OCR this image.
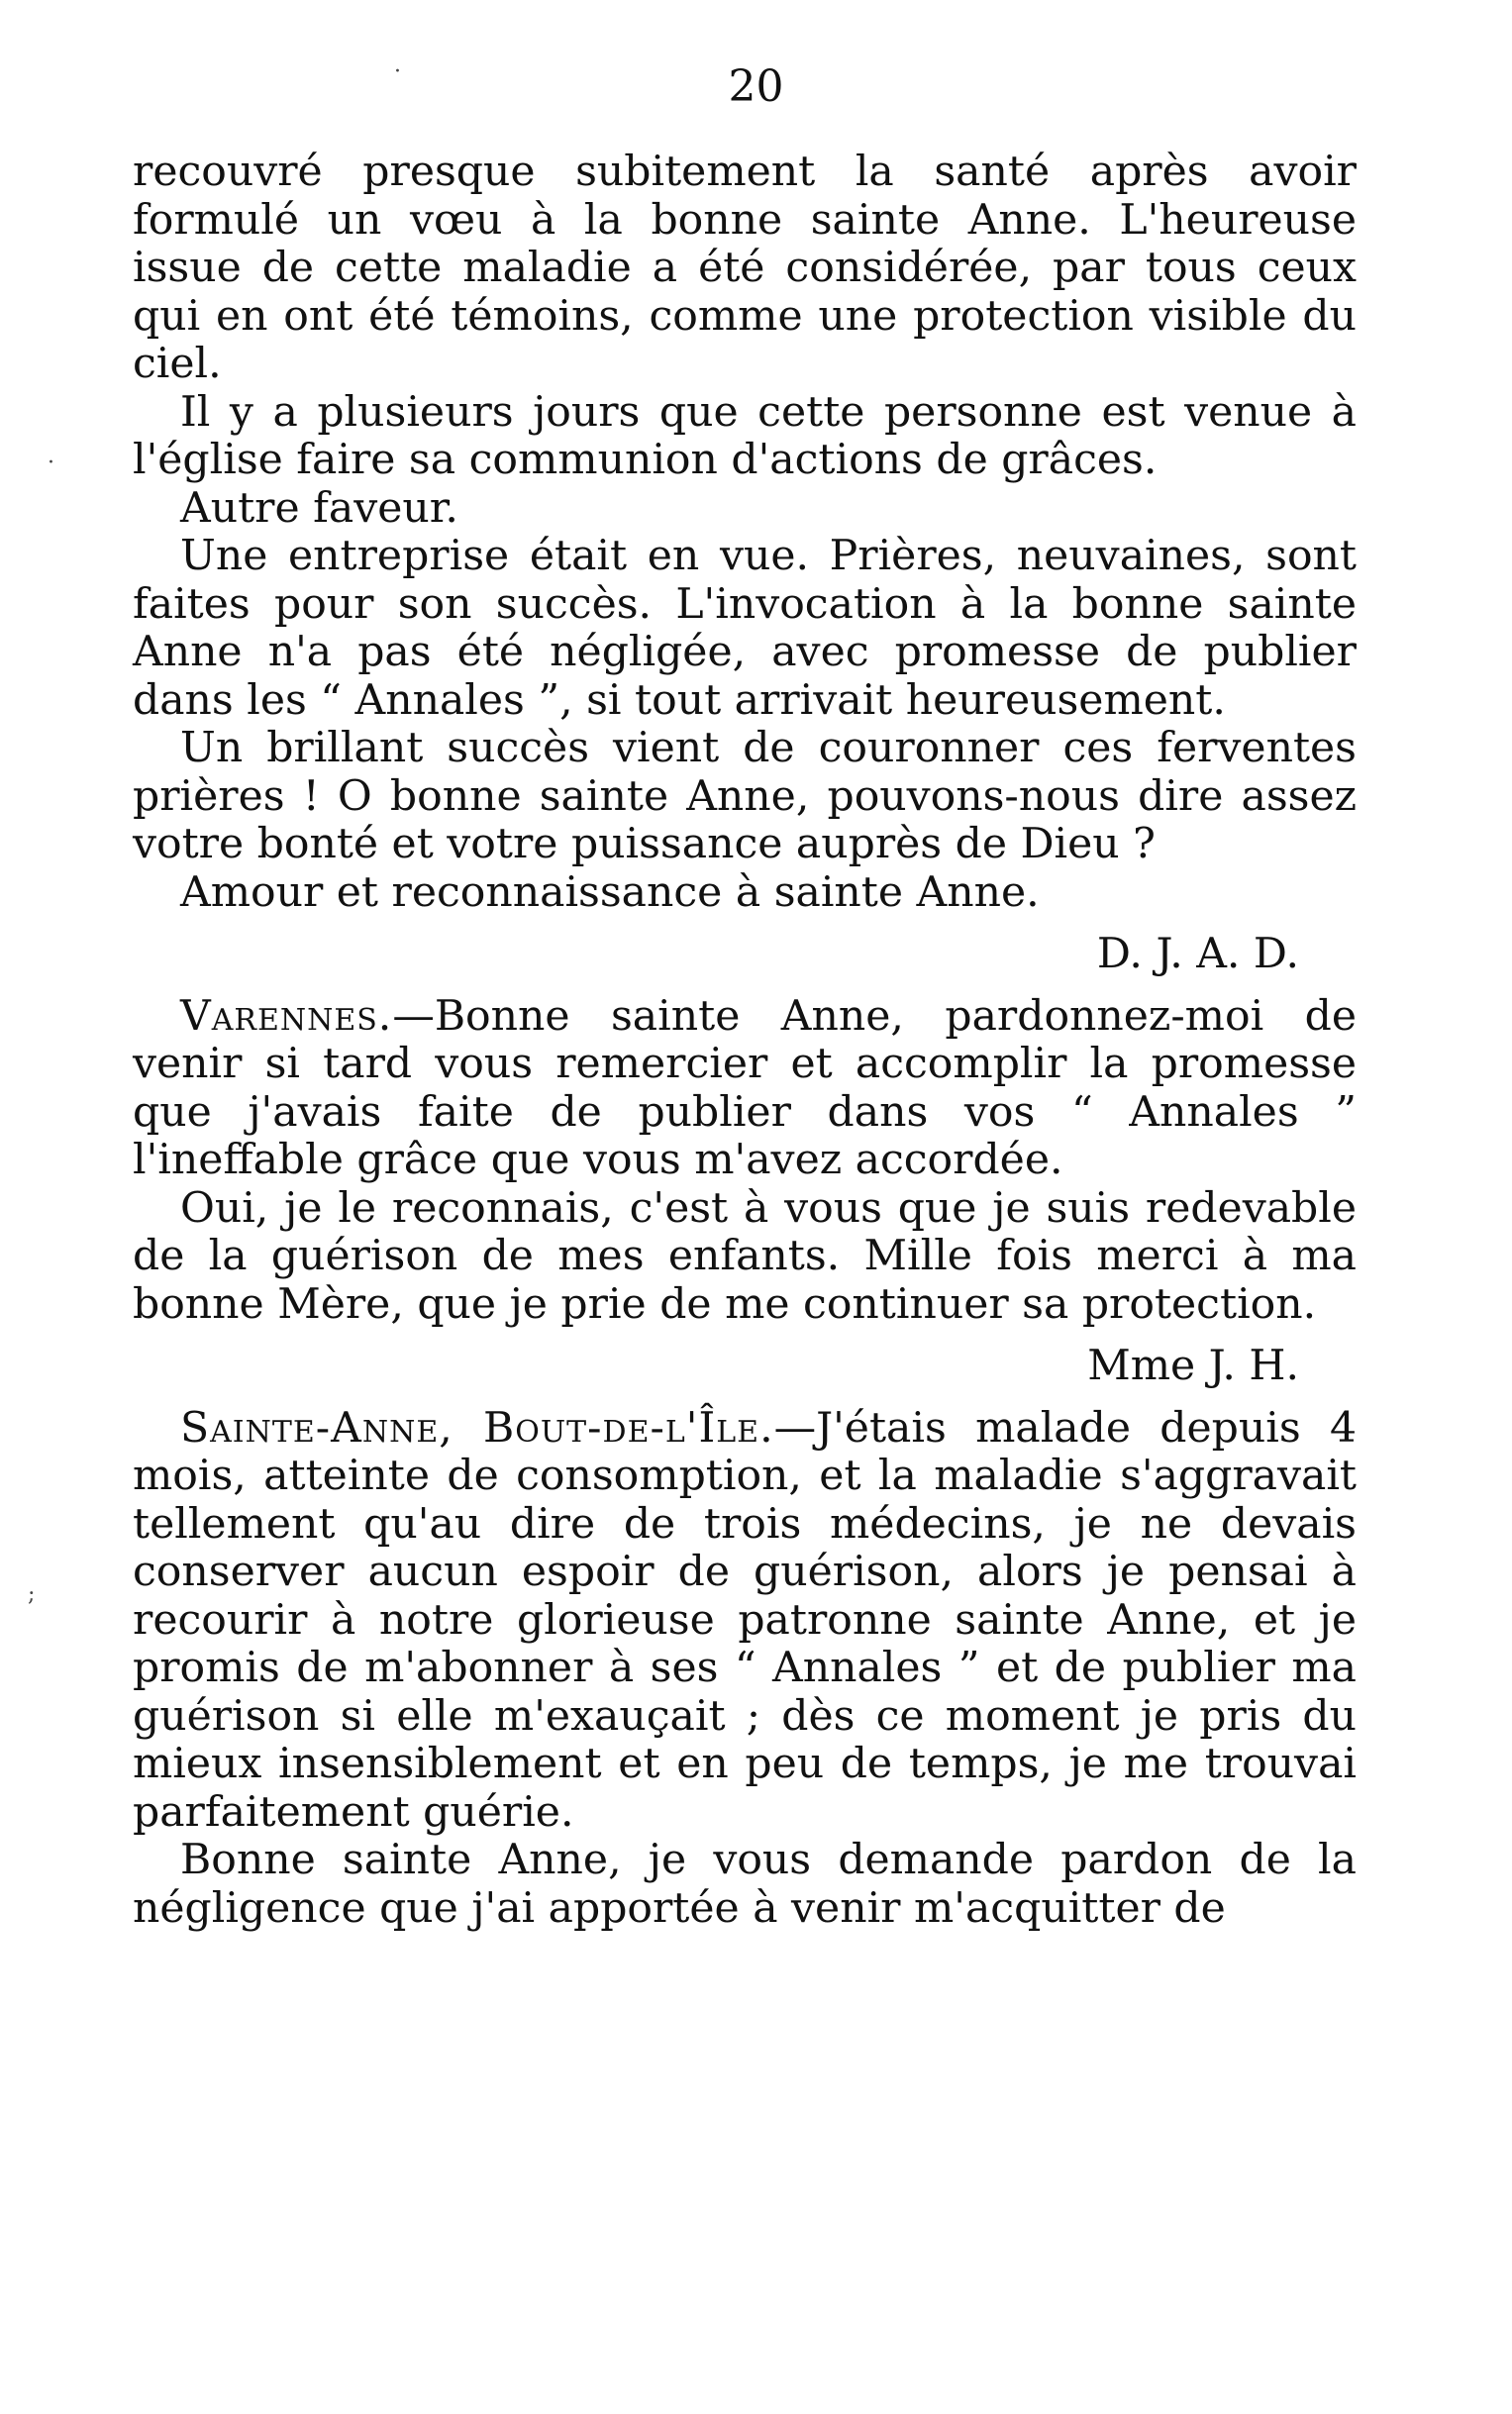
20
·
·
;

recouvré presque subitement la santé après avoir formulé un vœu à la bonne sainte Anne. L'heureuse issue de cette maladie a été considérée, par tous ceux qui en ont été témoins, comme une protection visible du ciel.

Il y a plusieurs jours que cette personne est venue à l'église faire sa communion d'actions de grâces.

Autre faveur.

Une entreprise était en vue. Prières, neuvaines, sont faites pour son succès. L'invocation à la bonne sainte Anne n'a pas été négligée, avec promesse de publier dans les “ Annales ”, si tout arrivait heureusement.

Un brillant succès vient de couronner ces ferventes prières ! O bonne sainte Anne, pouvons-nous dire assez votre bonté et votre puissance auprès de Dieu ?

Amour et reconnaissance à sainte Anne.

D. J. A. D.

Varennes.—Bonne sainte Anne, pardonnez-moi de venir si tard vous remercier et accomplir la promesse que j'avais faite de publier dans vos “ Annales ” l'ineffable grâce que vous m'avez accordée.

Oui, je le reconnais, c'est à vous que je suis redevable de la guérison de mes enfants. Mille fois merci à ma bonne Mère, que je prie de me continuer sa protection.

Mme J. H.

Sainte-Anne, Bout-de-l'Île.—J'étais malade depuis 4 mois, atteinte de consomption, et la maladie s'aggravait tellement qu'au dire de trois médecins, je ne devais conserver aucun espoir de guérison, alors je pensai à recourir à notre glorieuse patronne sainte Anne, et je promis de m'abonner à ses “ Annales ” et de publier ma guérison si elle m'exauçait ; dès ce moment je pris du mieux insensiblement et en peu de temps, je me trouvai parfaitement guérie.

Bonne sainte Anne, je vous demande pardon de la négligence que j'ai apportée à venir m'acquitter de
